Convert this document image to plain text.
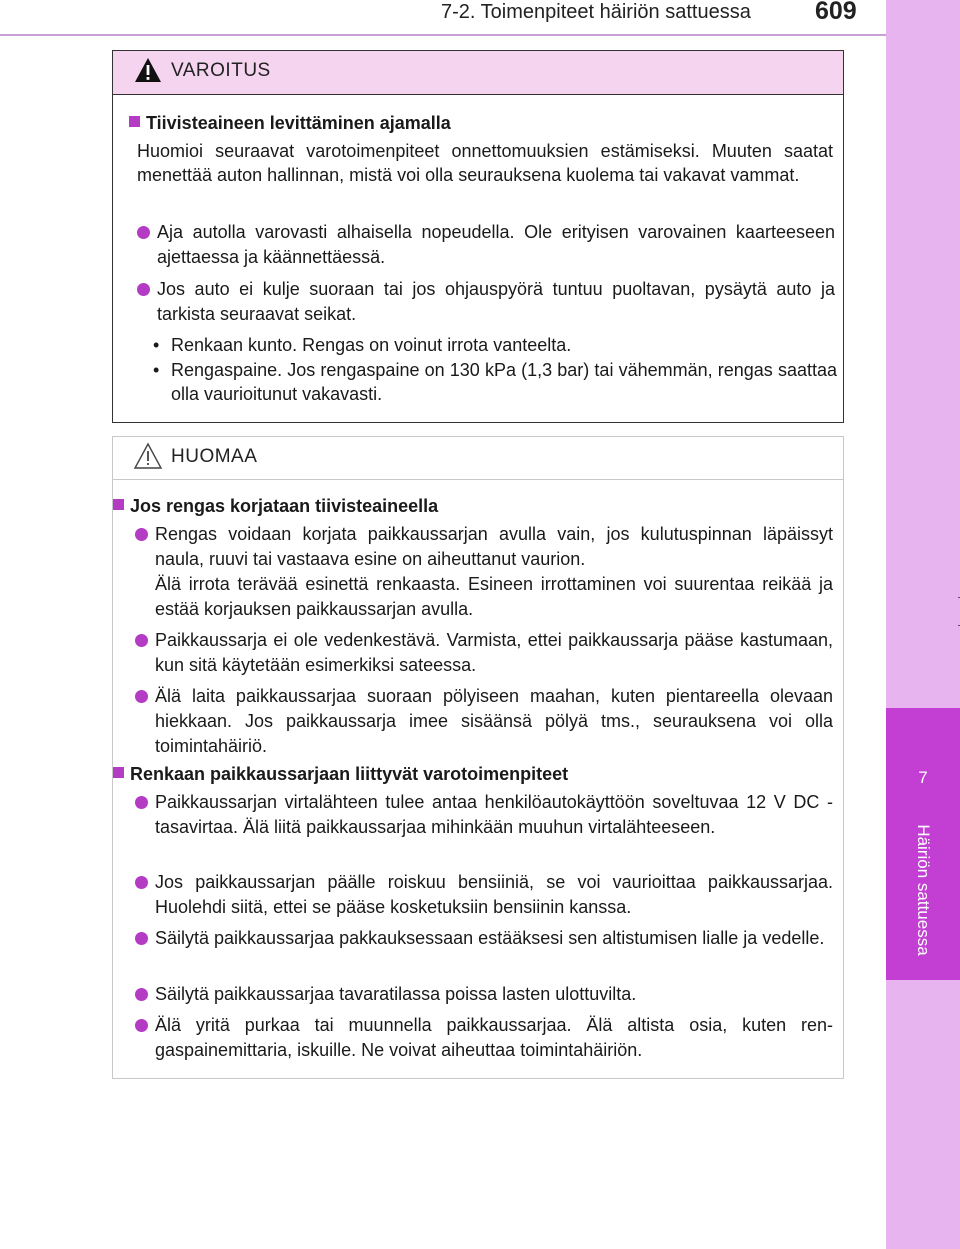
7-2. Toimenpiteet häiriön sattuessa	609
7
Häiriön sattuessa
VAROITUS
Tiivisteaineen levittäminen ajamalla
Huomioi seuraavat varotoimenpiteet onnettomuuksien estämiseksi. Muuten saatat menettää auton hallinnan, mistä voi olla seurauksena kuolema tai vakavat vammat.
Aja autolla varovasti alhaisella nopeudella. Ole erityisen varovainen kaarteeseen ajettaessa ja käännettäessä.
Jos auto ei kulje suoraan tai jos ohjauspyörä tuntuu puoltavan, pysäytä auto ja tarkista seuraavat seikat.
• Renkaan kunto. Rengas on voinut irrota vanteelta.
• Rengaspaine. Jos rengaspaine on 130 kPa (1,3 bar) tai vähemmän, rengas saattaa olla vaurioitunut vakavasti.
HUOMAA
Jos rengas korjataan tiivisteaineella
Rengas voidaan korjata paikkaussarjan avulla vain, jos kulutuspinnan läpäissyt naula, ruuvi tai vastaava esine on aiheuttanut vaurion.
Älä irrota terävää esinettä renkaasta. Esineen irrottaminen voi suurentaa reikää ja estää korjauksen paikkaussarjan avulla.
Paikkaussarja ei ole vedenkestävä. Varmista, ettei paikkaussarja pääse kastumaan, kun sitä käytetään esimerkiksi sateessa.
Älä laita paikkaussarjaa suoraan pölyiseen maahan, kuten pientareella olevaan hiekkaan. Jos paikkaussarja imee sisäänsä pölyä tms., seurauksena voi olla toimintahäiriö.
Renkaan paikkaussarjaan liittyvät varotoimenpiteet
Paikkaussarjan virtalähteen tulee antaa henkilöautokäyttöön soveltuvaa 12 V DC -tasavirtaa. Älä liitä paikkaussarjaa mihinkään muuhun virtalähteeseen.
Jos paikkaussarjan päälle roiskuu bensiiniä, se voi vaurioittaa paikkaussarjaa. Huolehdi siitä, ettei se pääse kosketuksiin bensiinin kanssa.
Säilytä paikkaussarjaa pakkauksessaan estääksesi sen altistumisen lialle ja vedelle.
Säilytä paikkaussarjaa tavaratilassa poissa lasten ulottuvilta.
Älä yritä purkaa tai muunnella paikkaussarjaa. Älä altista osia, kuten rengaspainemittaria, iskuille. Ne voivat aiheuttaa toimintahäiriön.
